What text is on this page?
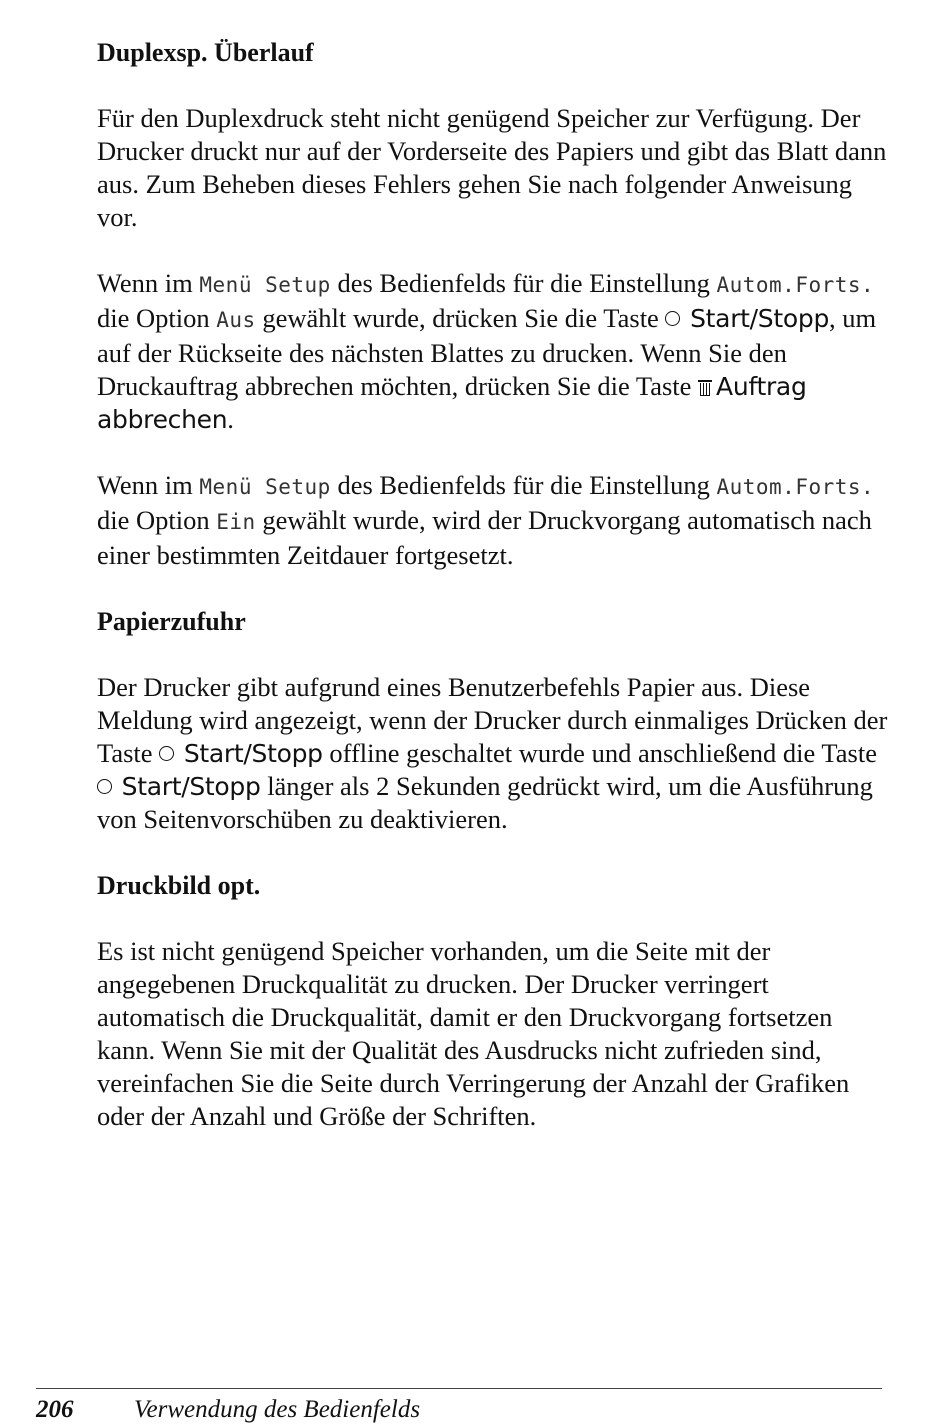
Duplexsp. Überlauf

Für den Duplexdruck steht nicht genügend Speicher zur Verfügung. Der Drucker druckt nur auf der Vorderseite des Papiers und gibt das Blatt dann aus. Zum Beheben dieses Fehlers gehen Sie nach folgender Anweisung vor.

Wenn im Menü Setup des Bedienfelds für die Einstellung Autom.Forts. die Option Aus gewählt wurde, drücken Sie die Taste  Start/Stopp, um auf der Rückseite des nächsten Blattes zu drucken. Wenn Sie den Druckauftrag abbrechen möchten, drücken Sie die Taste
Auftrag abbrechen.

Wenn im Menü Setup des Bedienfelds für die Einstellung Autom.Forts. die Option Ein gewählt wurde, wird der Druckvorgang automatisch nach einer bestimmten Zeitdauer fortgesetzt.

Papierzufuhr

Der Drucker gibt aufgrund eines Benutzerbefehls Papier aus. Diese Meldung wird angezeigt, wenn der Drucker durch einmaliges Drücken der Taste  Start/Stopp offline geschaltet wurde und anschließend die Taste  Start/Stopp länger als 2 Sekunden gedrückt wird, um die Ausführung von Seitenvorschüben zu deaktivieren.

Druckbild opt.

Es ist nicht genügend Speicher vorhanden, um die Seite mit der angegebenen Druckqualität zu drucken. Der Drucker verringert automatisch die Druckqualität, damit er den Druckvorgang fortsetzen kann. Wenn Sie mit der Qualität des Ausdrucks nicht zufrieden sind, vereinfachen Sie die Seite durch Verringerung der Anzahl der Grafiken oder der Anzahl und Größe der Schriften.

206 Verwendung des Bedienfelds
